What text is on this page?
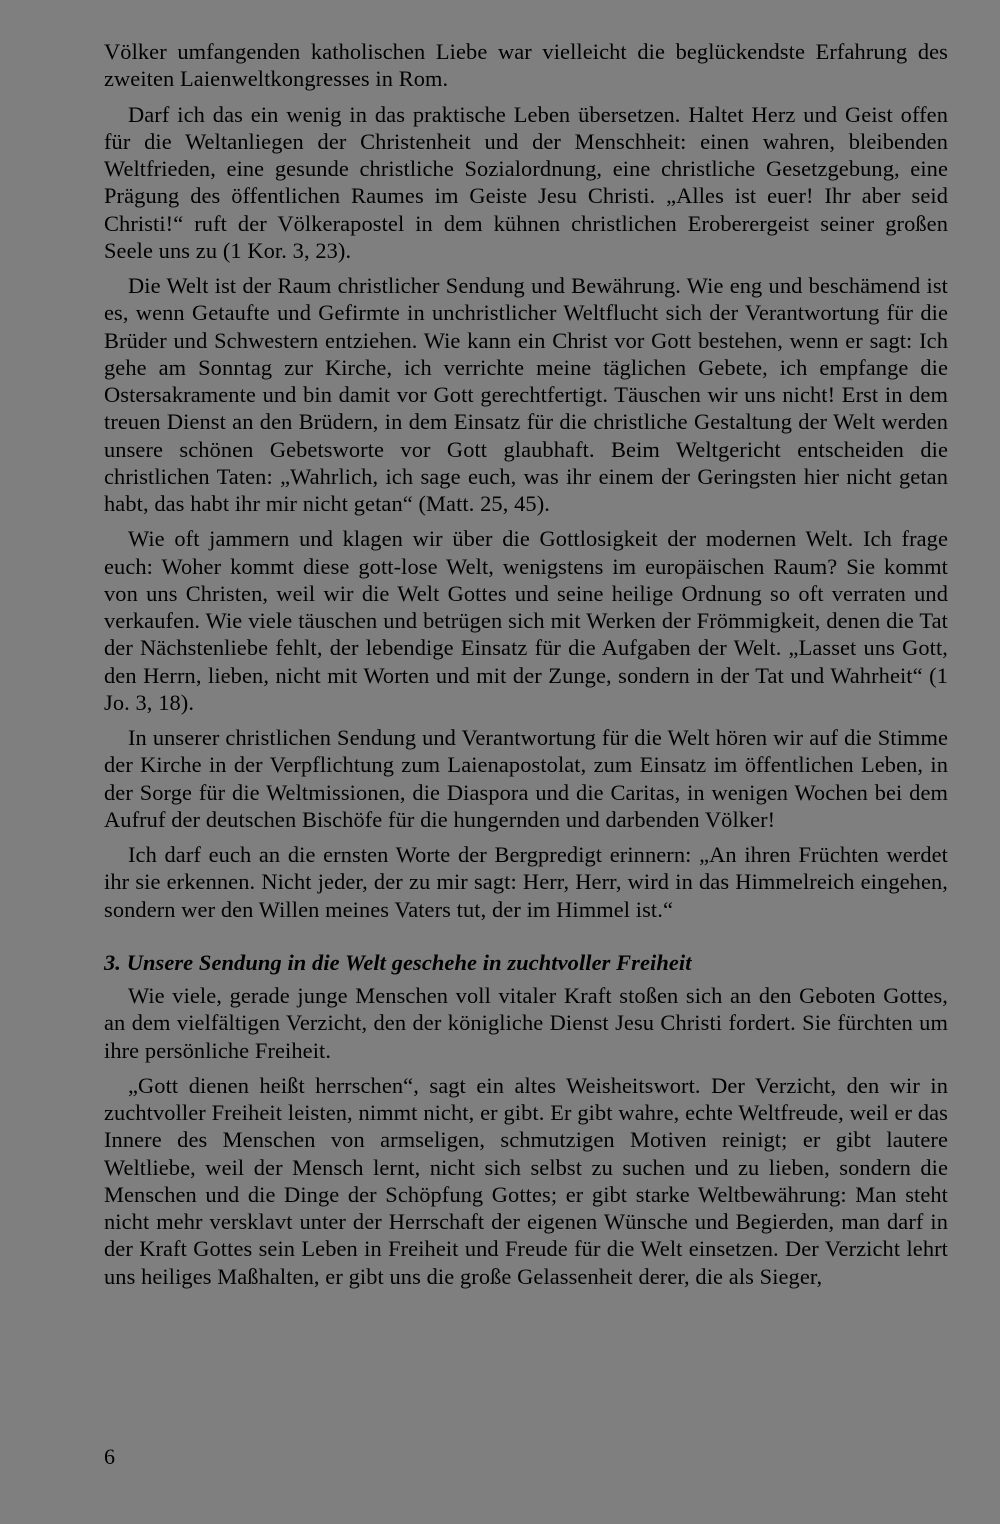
Völker umfangenden katholischen Liebe war vielleicht die beglückendste Erfahrung des zweiten Laienweltkongresses in Rom.

Darf ich das ein wenig in das praktische Leben übersetzen. Haltet Herz und Geist offen für die Weltanliegen der Christenheit und der Menschheit: einen wahren, bleibenden Weltfrieden, eine gesunde christliche Sozialordnung, eine christliche Gesetzgebung, eine Prägung des öffentlichen Raumes im Geiste Jesu Christi. „Alles ist euer! Ihr aber seid Christi!“ ruft der Völkerapostel in dem kühnen christlichen Eroberergeist seiner großen Seele uns zu (1 Kor. 3, 23).

Die Welt ist der Raum christlicher Sendung und Bewährung. Wie eng und beschämend ist es, wenn Getaufte und Gefirmte in unchristlicher Weltflucht sich der Verantwortung für die Brüder und Schwestern entziehen. Wie kann ein Christ vor Gott bestehen, wenn er sagt: Ich gehe am Sonntag zur Kirche, ich verrichte meine täglichen Gebete, ich empfange die Ostersakramente und bin damit vor Gott gerechtfertigt. Täuschen wir uns nicht! Erst in dem treuen Dienst an den Brüdern, in dem Einsatz für die christliche Gestaltung der Welt werden unsere schönen Gebetsworte vor Gott glaubhaft. Beim Weltgericht entscheiden die christlichen Taten: „Wahrlich, ich sage euch, was ihr einem der Geringsten hier nicht getan habt, das habt ihr mir nicht getan“ (Matt. 25, 45).

Wie oft jammern und klagen wir über die Gottlosigkeit der modernen Welt. Ich frage euch: Woher kommt diese gott-lose Welt, wenigstens im europäischen Raum? Sie kommt von uns Christen, weil wir die Welt Gottes und seine heilige Ordnung so oft verraten und verkaufen. Wie viele täuschen und betrügen sich mit Werken der Frömmigkeit, denen die Tat der Nächstenliebe fehlt, der lebendige Einsatz für die Aufgaben der Welt. „Lasset uns Gott, den Herrn, lieben, nicht mit Worten und mit der Zunge, sondern in der Tat und Wahrheit“ (1 Jo. 3, 18).

In unserer christlichen Sendung und Verantwortung für die Welt hören wir auf die Stimme der Kirche in der Verpflichtung zum Laienapostolat, zum Einsatz im öffentlichen Leben, in der Sorge für die Weltmissionen, die Diaspora und die Caritas, in wenigen Wochen bei dem Aufruf der deutschen Bischöfe für die hungernden und darbenden Völker!

Ich darf euch an die ernsten Worte der Bergpredigt erinnern: „An ihren Früchten werdet ihr sie erkennen. Nicht jeder, der zu mir sagt: Herr, Herr, wird in das Himmelreich eingehen, sondern wer den Willen meines Vaters tut, der im Himmel ist.“

3. Unsere Sendung in die Welt geschehe in zuchtvoller Freiheit

Wie viele, gerade junge Menschen voll vitaler Kraft stoßen sich an den Geboten Gottes, an dem vielfältigen Verzicht, den der königliche Dienst Jesu Christi fordert. Sie fürchten um ihre persönliche Freiheit.

„Gott dienen heißt herrschen“, sagt ein altes Weisheitswort. Der Verzicht, den wir in zuchtvoller Freiheit leisten, nimmt nicht, er gibt. Er gibt wahre, echte Weltfreude, weil er das Innere des Menschen von armseligen, schmutzigen Motiven reinigt; er gibt lautere Weltliebe, weil der Mensch lernt, nicht sich selbst zu suchen und zu lieben, sondern die Menschen und die Dinge der Schöpfung Gottes; er gibt starke Weltbewährung: Man steht nicht mehr versklavt unter der Herrschaft der eigenen Wünsche und Begierden, man darf in der Kraft Gottes sein Leben in Freiheit und Freude für die Welt einsetzen. Der Verzicht lehrt uns heiliges Maßhalten, er gibt uns die große Gelassenheit derer, die als Sieger,

6
